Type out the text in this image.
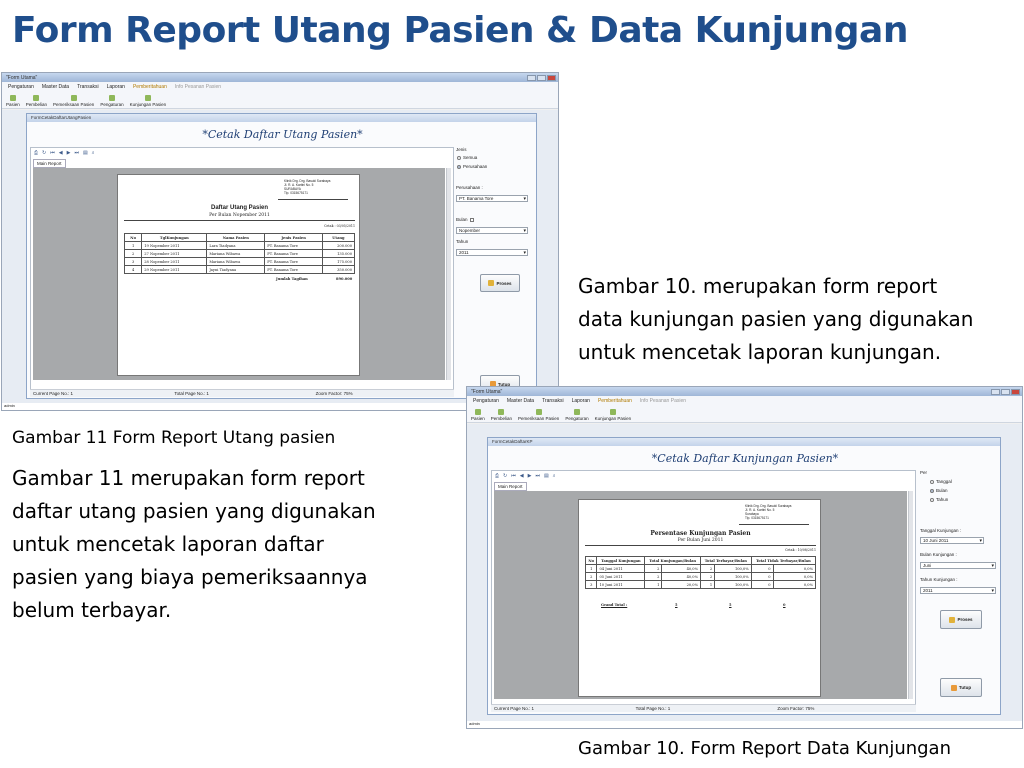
Form Report Utang Pasien & Data Kunjungan
"Form Utama"
Pengaturan Master Data Transaksi Laporan Pemberitahuan Info Pesanan Pasien
Pasien Pembelian Pemeriksaan Pasien Pengaturan Kunjungan Pasien
admin
FormCetakDaftarUtangPasien
*Cetak Daftar Utang Pasien*
⎙ ↻ ⏮ ◀ ▶ ⏭ ▤ ⌕
Main Report
Klinik Drg. Drg. Basuki Surabaya
Jl. R. A. Kartini No. 5
SURABAYA
Tlp. 0315675171
Daftar Utang Pasien
Per Bulan Nopember 2011
Cetak : 03/05/2011
No	TglKunjungan	Nama Pasien	Jenis Pasien	Utang
1	19 Nopember 2011	Lara Tiadyana	PT. Banama Tore	200.000
2	27 Nopember 2011	Mariana Wibawa	PT. Banama Tore	135.000
3	28 Nopember 2011	Mariana Wibawa	PT. Banama Tore	175.000
4	29 Nopember 2011	Jayni Tiadyana	PT. Banama Tore	350.000
Jumlah Tagihan	890.000
Current Page No.: 1	Total Page No.: 1	Zoom Factor: 75%
Jenis
Semua
Perusahaan
Perusahaan :
PT. Banama Tore ▾
Bulan
Nopember ▾
Tahun
2011 ▾
Proses
Tutup
Gambar 11 Form Report Utang pasien
Gambar 11 merupakan form report
daftar utang pasien yang digunakan
untuk mencetak laporan daftar
pasien yang biaya pemeriksaannya
belum terbayar.
Gambar 10. merupakan form report
data kunjungan pasien yang digunakan
untuk mencetak laporan kunjungan.
"Form Utama"
Pengaturan Master Data Transaksi Laporan Pemberitahuan Info Pesanan Pasien
Pasien Pembelian Pemeriksaan Pasien Pengaturan Kunjungan Pasien
admin
FormCetakDaftarKP
*Cetak Daftar Kunjungan Pasien*
⎙ ↻ ⏮ ◀ ▶ ⏭ ▤ ⌕
Main Report
Klinik Drg. Drg. Basuki Surabaya
Jl. R. A. Kartini No. 5
Surabaya
Tlp. 0315675171
Persentase Kunjungan Pasien
Per Bulan Juni 2011
Cetak : 10/08/2011
No	Tanggal Kunjungan	Total Kunjungan/Bulan		Total Terbayar/Bulan		Total Tidak Terbayar/Bulan	
1	04 Juni 2011	2	40,0%	2	100,0%	0	0,0%
2	05 Juni 2011	2	40,0%	2	100,0%	0	0,0%
3	10 Juni 2011	1	20,0%	1	100,0%	0	0,0%
Grand Total :	5	5	0
Current Page No.: 1	Total Page No.: 1	Zoom Factor: 75%
Per
Tanggal
Bulan
Tahun
Tanggal Kunjungan :
10 Juni 2011 ▾
Bulan Kunjungan :
Juni ▾
Tahun Kunjungan :
2011 ▾
Proses
Tutup
Gambar 10. Form Report Data Kunjungan
